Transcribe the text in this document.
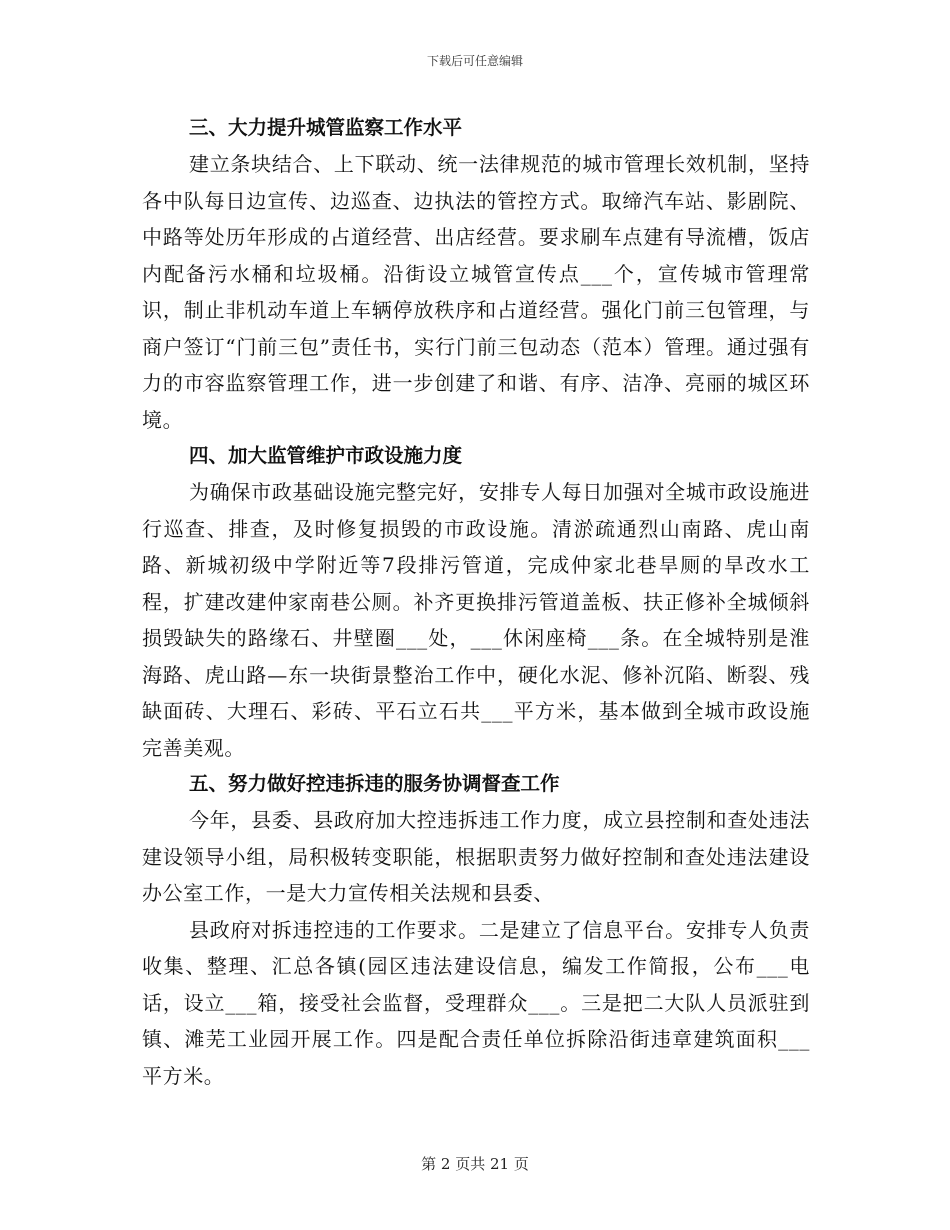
下载后可任意编辑
三、大力提升城管监察工作水平

建立条块结合、上下联动、统一法律规范的城市管理长效机制，坚持各中队每日边宣传、边巡查、边执法的管控方式。取缔汽车站、影剧院、中路等处历年形成的占道经营、出店经营。要求刷车点建有导流槽，饭店内配备污水桶和垃圾桶。沿街设立城管宣传点___个，宣传城市管理常识，制止非机动车道上车辆停放秩序和占道经营。强化门前三包管理，与商户签订“门前三包”责任书，实行门前三包动态（范本）管理。通过强有力的市容监察管理工作，进一步创建了和谐、有序、洁净、亮丽的城区环境。

四、加大监管维护市政设施力度

为确保市政基础设施完整完好，安排专人每日加强对全城市政设施进行巡查、排查，及时修复损毁的市政设施。清淤疏通烈山南路、虎山南路、新城初级中学附近等7段排污管道，完成仲家北巷旱厕的旱改水工程，扩建改建仲家南巷公厕。补齐更换排污管道盖板、扶正修补全城倾斜损毁缺失的路缘石、井壁圈___处，___休闲座椅___条。在全城特别是淮海路、虎山路—东一块街景整治工作中，硬化水泥、修补沉陷、断裂、残缺面砖、大理石、彩砖、平石立石共___平方米，基本做到全城市政设施完善美观。

五、努力做好控违拆违的服务协调督查工作

今年，县委、县政府加大控违拆违工作力度，成立县控制和查处违法建设领导小组，局积极转变职能，根据职责努力做好控制和查处违法建设办公室工作，一是大力宣传相关法规和县委、

县政府对拆违控违的工作要求。二是建立了信息平台。安排专人负责收集、整理、汇总各镇(园区违法建设信息，编发工作简报，公布___电话，设立___箱，接受社会监督，受理群众___。三是把二大队人员派驻到镇、滩芜工业园开展工作。四是配合责任单位拆除沿街违章建筑面积___平方米。

第 2 页共 21 页
